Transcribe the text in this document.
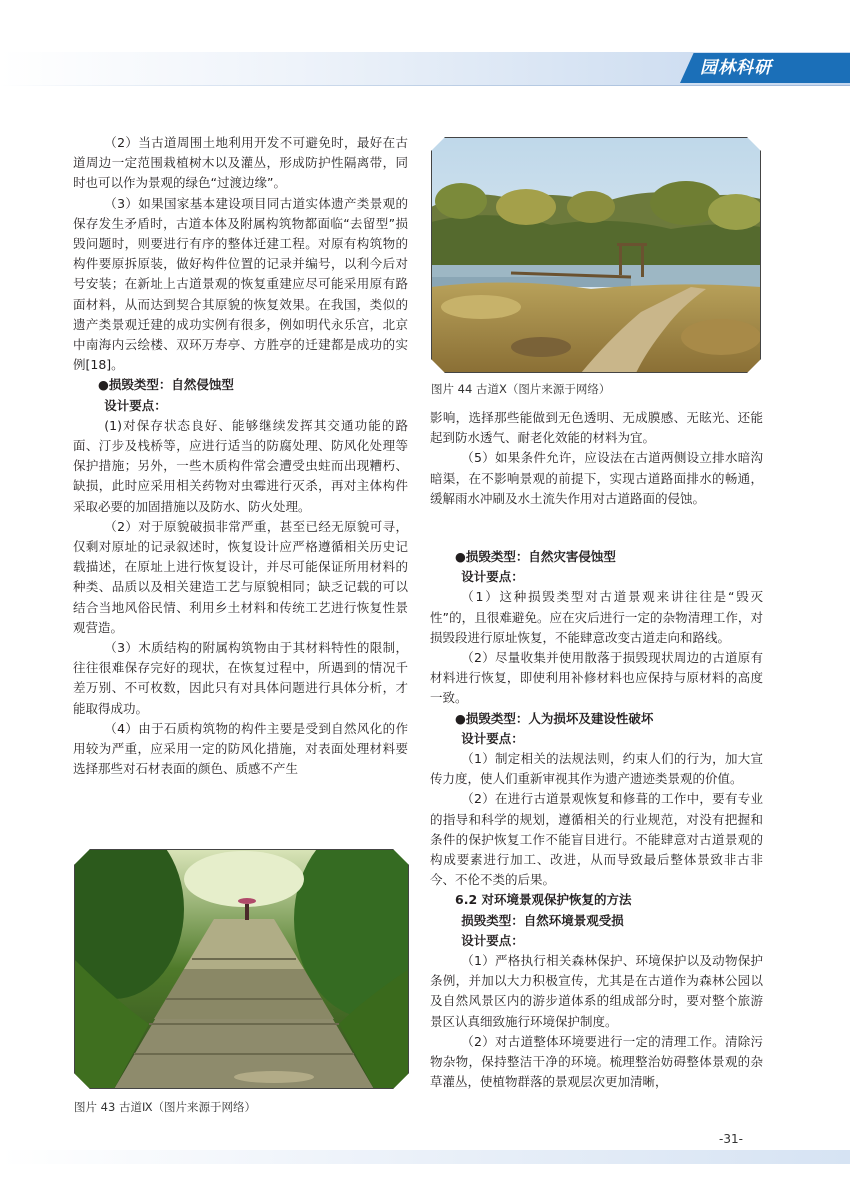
园林科研

（2）当古道周围土地利用开发不可避免时，最好在古道周边一定范围栽植树木以及灌丛，形成防护性隔离带，同时也可以作为景观的绿色“过渡边缘”。

（3）如果国家基本建设项目同古道实体遗产类景观的保存发生矛盾时，古道本体及附属构筑物都面临“去留型”损毁问题时，则要进行有序的整体迁建工程。对原有构筑物的构件要原拆原装，做好构件位置的记录并编号，以利今后对号安装；在新址上古道景观的恢复重建应尽可能采用原有路面材料，从而达到契合其原貌的恢复效果。在我国，类似的遗产类景观迁建的成功实例有很多，例如明代永乐宫，北京中南海内云绘楼、双环万寿亭、方胜亭的迁建都是成功的实例[18]。

●损毁类型：自然侵蚀型

设计要点：

(1)对保存状态良好、能够继续发挥其交通功能的路面、汀步及栈桥等，应进行适当的防腐处理、防风化处理等保护措施；另外，一些木质构件常会遭受虫蛀而出现糟朽、缺损，此时应采用相关药物对虫霉进行灭杀，再对主体构件采取必要的加固措施以及防水、防火处理。

（2）对于原貌破损非常严重，甚至已经无原貌可寻，仅剩对原址的记录叙述时，恢复设计应严格遵循相关历史记载描述，在原址上进行恢复设计，并尽可能保证所用材料的种类、品质以及相关建造工艺与原貌相同；缺乏记载的可以结合当地风俗民情、利用乡土材料和传统工艺进行恢复性景观营造。

（3）木质结构的附属构筑物由于其材料特性的限制，往往很难保存完好的现状，在恢复过程中，所遇到的情况千差万别、不可枚数，因此只有对具体问题进行具体分析，才能取得成功。

（4）由于石质构筑物的构件主要是受到自然风化的作用较为严重，应采用一定的防风化措施，对表面处理材料要选择那些对石材表面的颜色、质感不产生

影响，选择那些能做到无色透明、无成膜感、无眩光、还能起到防水透气、耐老化效能的材料为宜。

（5）如果条件允许，应设法在古道两侧设立排水暗沟暗渠，在不影响景观的前提下，实现古道路面排水的畅通，缓解雨水冲刷及水土流失作用对古道路面的侵蚀。

●损毁类型：自然灾害侵蚀型

设计要点：

（1）这种损毁类型对古道景观来讲往往是“毁灭性”的，且很难避免。应在灾后进行一定的杂物清理工作，对损毁段进行原址恢复，不能肆意改变古道走向和路线。

（2）尽量收集并使用散落于损毁现状周边的古道原有材料进行恢复，即使利用补修材料也应保持与原材料的高度一致。

●损毁类型：人为损坏及建设性破坏

设计要点：

（1）制定相关的法规法则，约束人们的行为，加大宣传力度，使人们重新审视其作为遗产遗迹类景观的价值。

（2）在进行古道景观恢复和修葺的工作中，要有专业的指导和科学的规划，遵循相关的行业规范，对没有把握和条件的保护恢复工作不能盲目进行。不能肆意对古道景观的构成要素进行加工、改进，从而导致最后整体景致非古非今、不伦不类的后果。

6.2 对环境景观保护恢复的方法

损毁类型：自然环境景观受损

设计要点：

（1）严格执行相关森林保护、环境保护以及动物保护条例，并加以大力积极宣传，尤其是在古道作为森林公园以及自然风景区内的游步道体系的组成部分时，要对整个旅游景区认真细致施行环境保护制度。

（2）对古道整体环境要进行一定的清理工作。清除污物杂物，保持整洁干净的环境。梳理整治妨碍整体景观的杂草灌丛，使植物群落的景观层次更加清晰，

图片 44 古道Ⅹ（图片来源于网络）
图片 43 古道Ⅸ（图片来源于网络）
-31-
